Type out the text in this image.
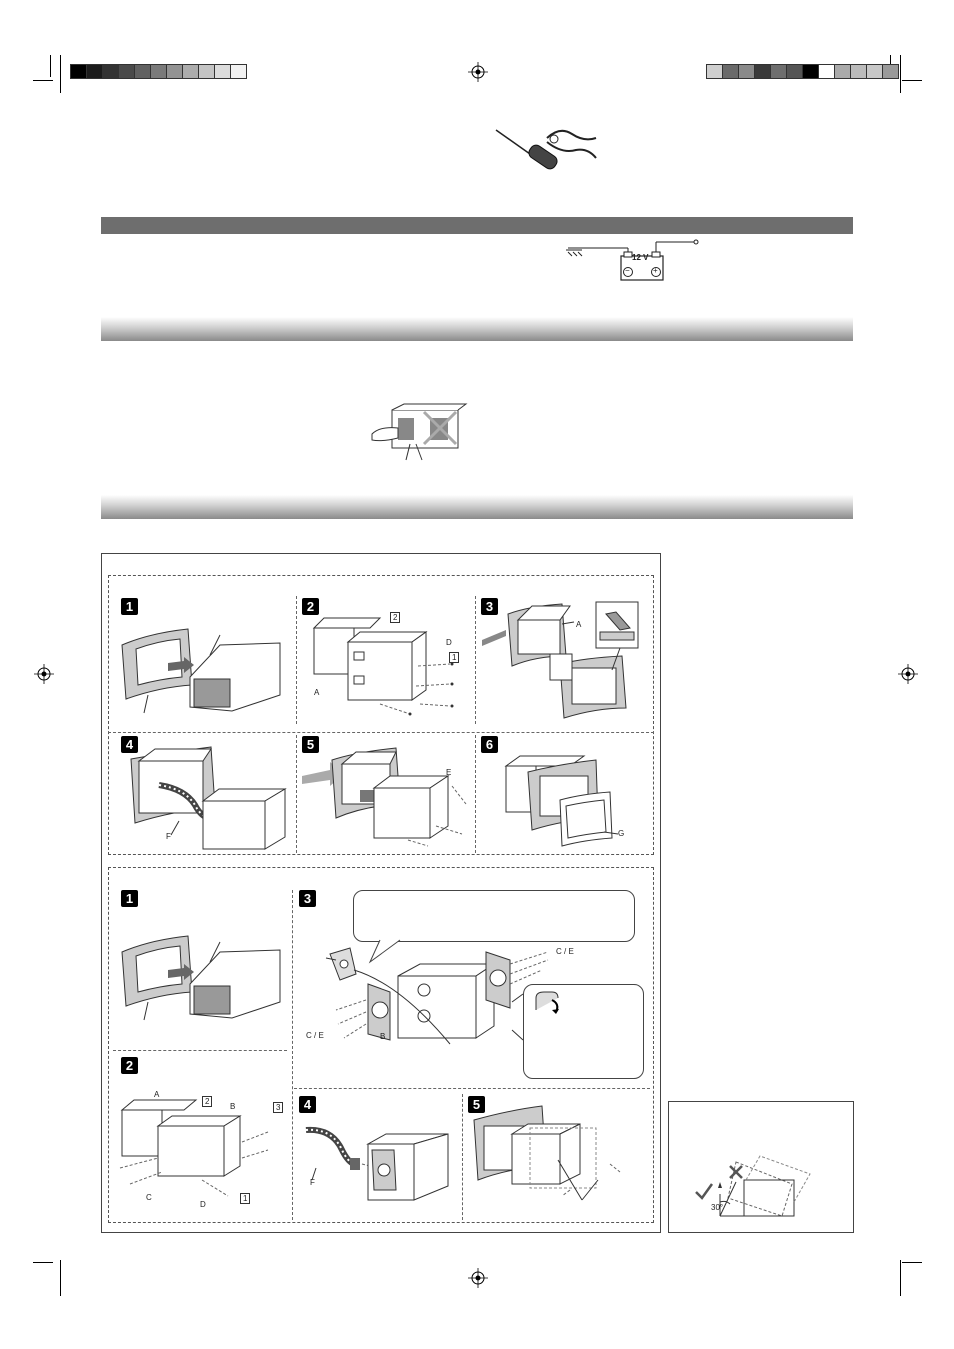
12 V
−	+
1	2	3
4	5	6
A
D
2
1
A
F
E
G
1
2
3
4	5
A
B
C
D
2
3
1
C / E
C / E	B
F
30°
